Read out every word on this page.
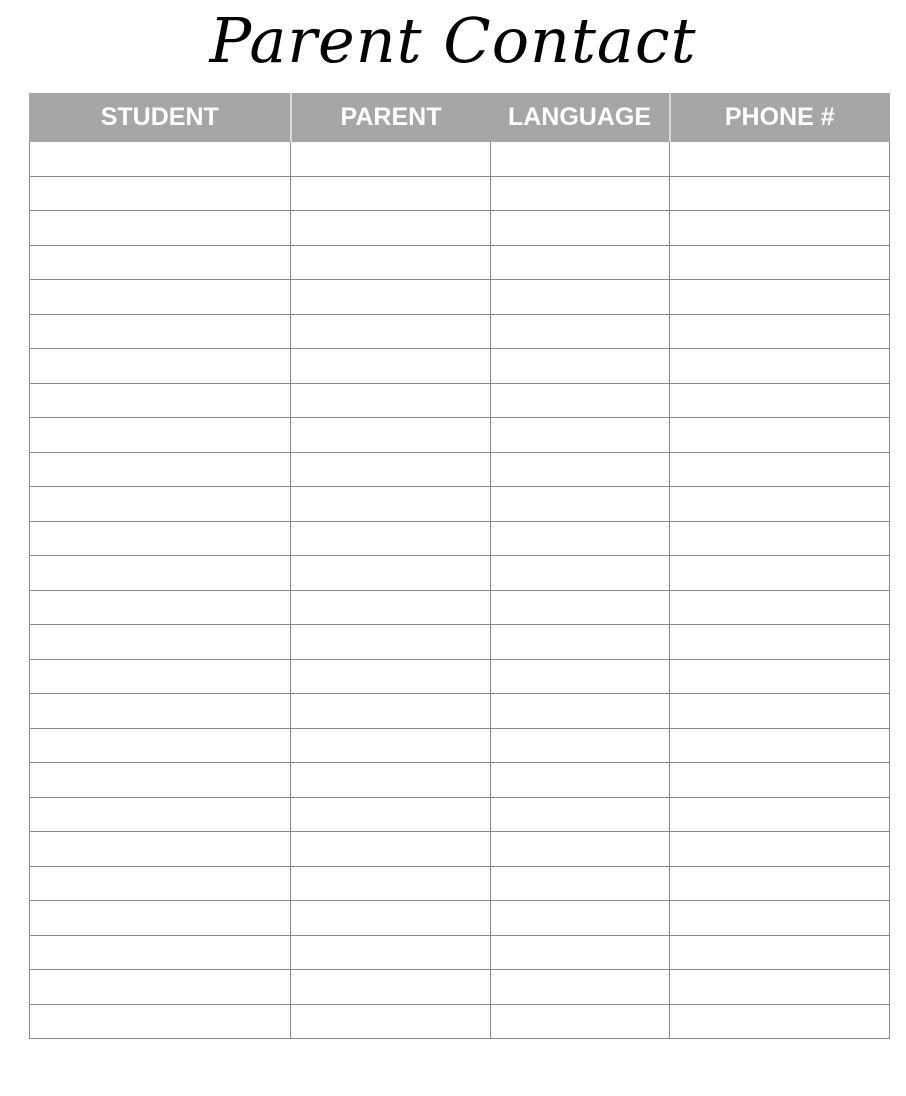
Parent Contact
STUDENT	PARENT	LANGUAGE	PHONE #
